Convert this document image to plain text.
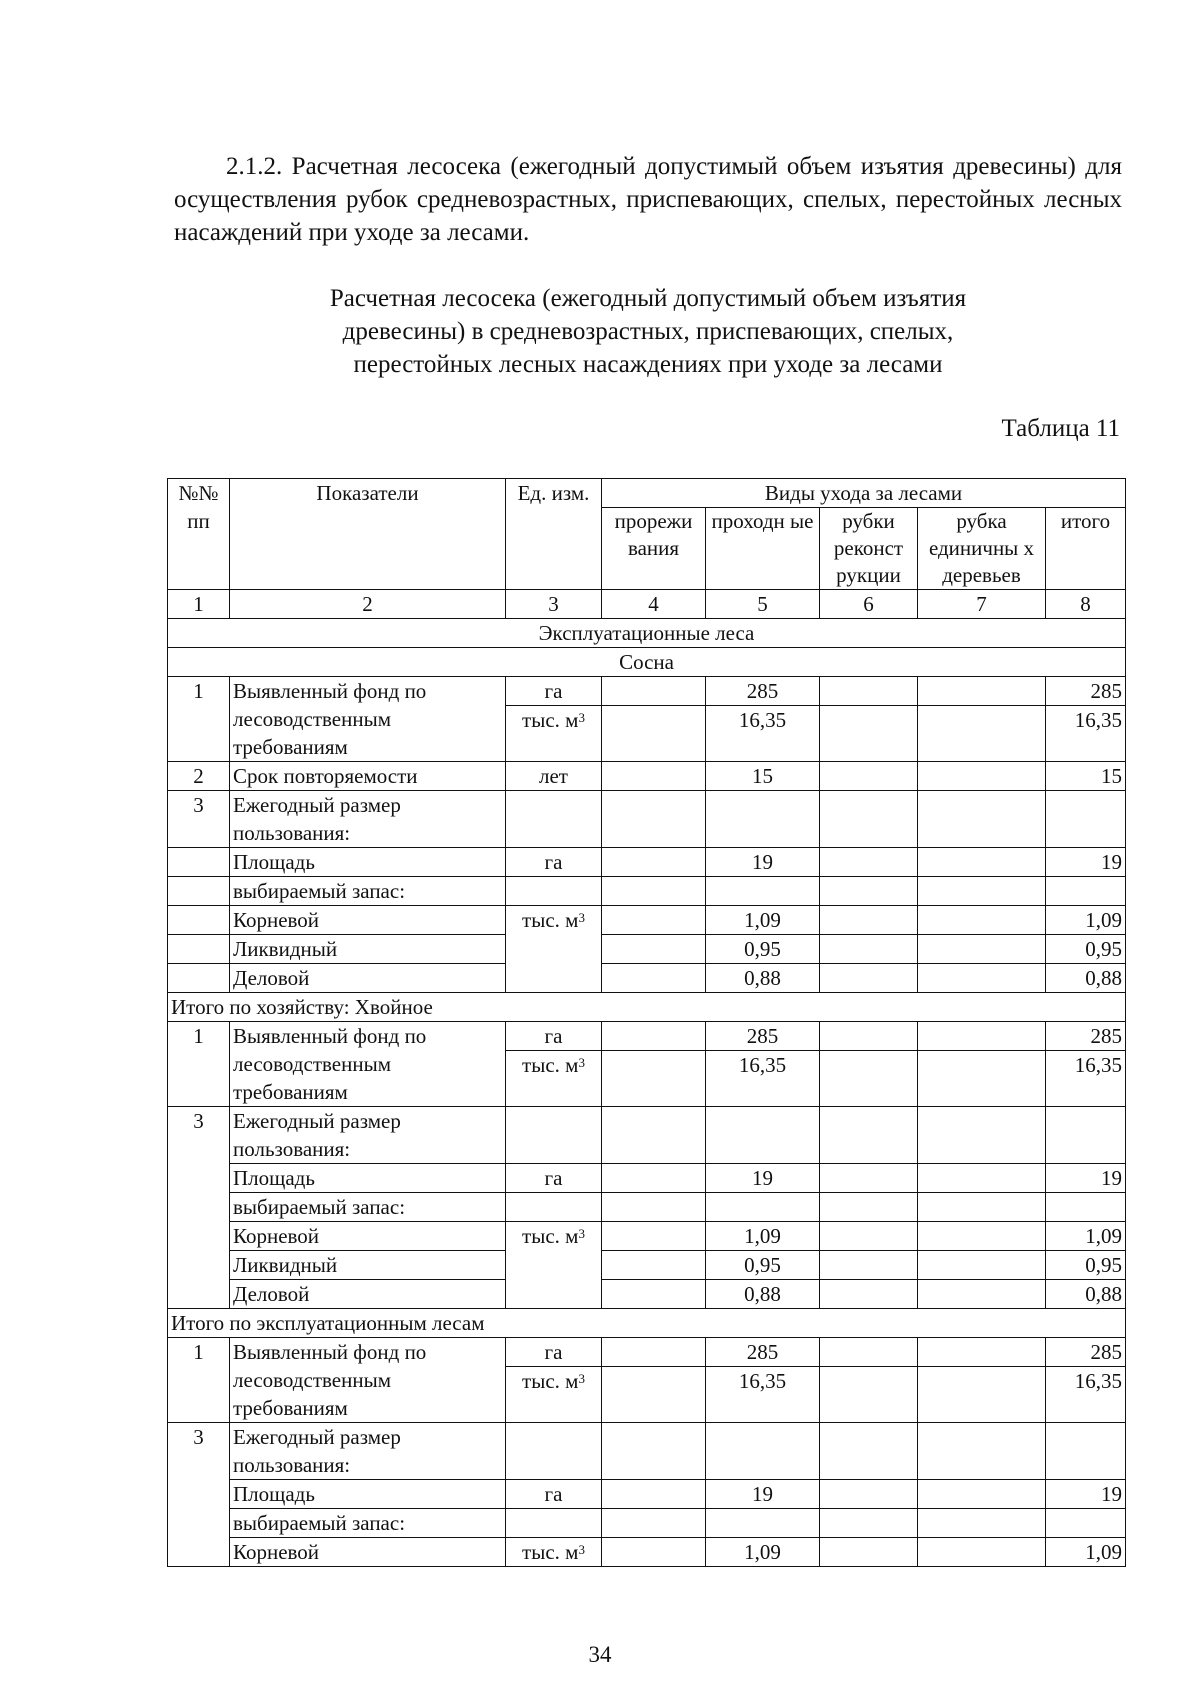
2.1.2. Расчетная лесосека (ежегодный допустимый объем изъятия древесины) для осуществления рубок средневозрастных, приспевающих, спелых, перестойных лесных насаждений при уходе за лесами.

Расчетная лесосека (ежегодный допустимый объем изъятия
древесины) в средневозрастных, приспевающих, спелых,
перестойных лесных насаждениях при уходе за лесами

Таблица 11

№№
пп	Показатели	Ед. изм.	Виды ухода за лесами				
			прорежи вания	проходн ые	рубки реконст рукции	рубка единичны х деревьев	итого
1	2	3	4	5	6	7	8
Эксплуатационные леса							
Сосна							
1	Выявленный фонд по лесоводственным требованиям	га		285			285
		тыс. $м^3$		16,35			16,35
2	Срок повторяемости	лет		15			15
3	Ежегодный размер пользования:						
	Площадь	га		19			19
	выбираемый запас:						
	Корневой	тыс. $м^3$		1,09			1,09
	Ликвидный			0,95			0,95
	Деловой			0,88			0,88
Итого по хозяйству: Хвойное							
1	Выявленный фонд по лесоводственным требованиям	га		285			285
		тыс. $м^3$		16,35			16,35
3	Ежегодный размер пользования:						
	Площадь	га		19			19
	выбираемый запас:						
	Корневой	тыс. $м^3$		1,09			1,09
	Ликвидный			0,95			0,95
	Деловой			0,88			0,88
Итого по эксплуатационным лесам							
1	Выявленный фонд по лесоводственным требованиям	га		285			285
		тыс. $м^3$		16,35			16,35
3	Ежегодный размер пользования:						
	Площадь	га		19			19
	выбираемый запас:						
	Корневой	тыс. $м^3$		1,09			1,09

34
